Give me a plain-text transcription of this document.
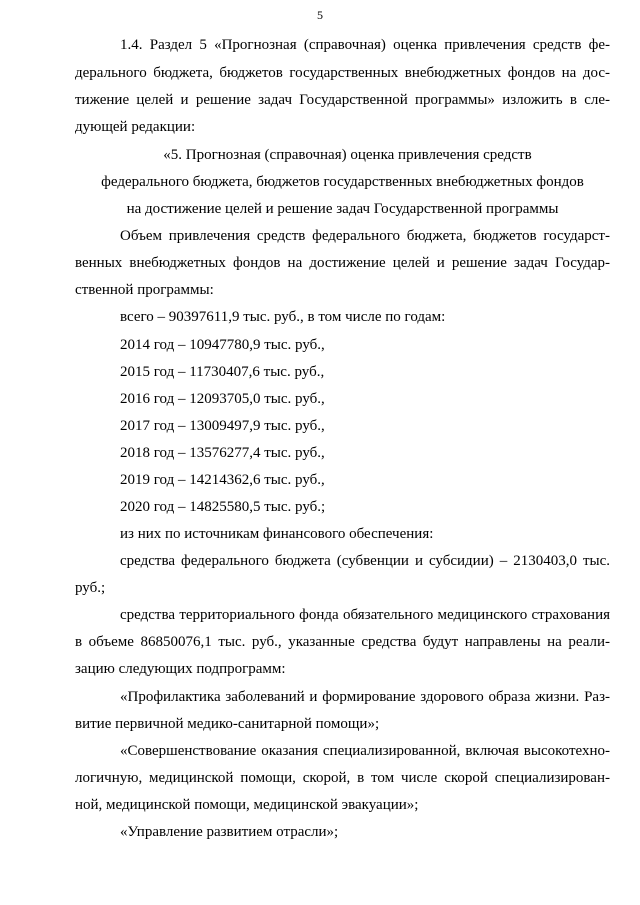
5
1.4. Раздел 5 «Прогнозная (справочная) оценка привлечения средств фе-
дерального бюджета, бюджетов государственных внебюджетных фондов на дос-
тижение целей и решение задач Государственной программы» изложить в сле-
дующей редакции:
«5. Прогнозная (справочная) оценка привлечения средств
федерального бюджета, бюджетов государственных внебюджетных фондов
на достижение целей и решение задач Государственной программы
Объем привлечения средств федерального бюджета, бюджетов государст-
венных внебюджетных фондов на достижение целей и решение задач Государ-
ственной программы:
всего – 90397611,9 тыс. руб., в том числе по годам:
2014 год – 10947780,9 тыс. руб.,
2015 год – 11730407,6 тыс. руб.,
2016 год – 12093705,0 тыс. руб.,
2017 год – 13009497,9 тыс. руб.,
2018 год – 13576277,4 тыс. руб.,
2019 год – 14214362,6 тыс. руб.,
2020 год – 14825580,5 тыс. руб.;
из них по источникам финансового обеспечения:
средства федерального бюджета (субвенции и субсидии) – 2130403,0 тыс.
руб.;
средства территориального фонда обязательного медицинского страхования
в объеме 86850076,1 тыс. руб., указанные средства будут направлены на реали-
зацию следующих подпрограмм:
«Профилактика заболеваний и формирование здорового образа жизни. Раз-
витие первичной медико-санитарной помощи»;
«Совершенствование оказания специализированной, включая высокотехно-
логичную, медицинской помощи, скорой, в том числе скорой специализирован-
ной, медицинской помощи, медицинской эвакуации»;
«Управление развитием отрасли»;
